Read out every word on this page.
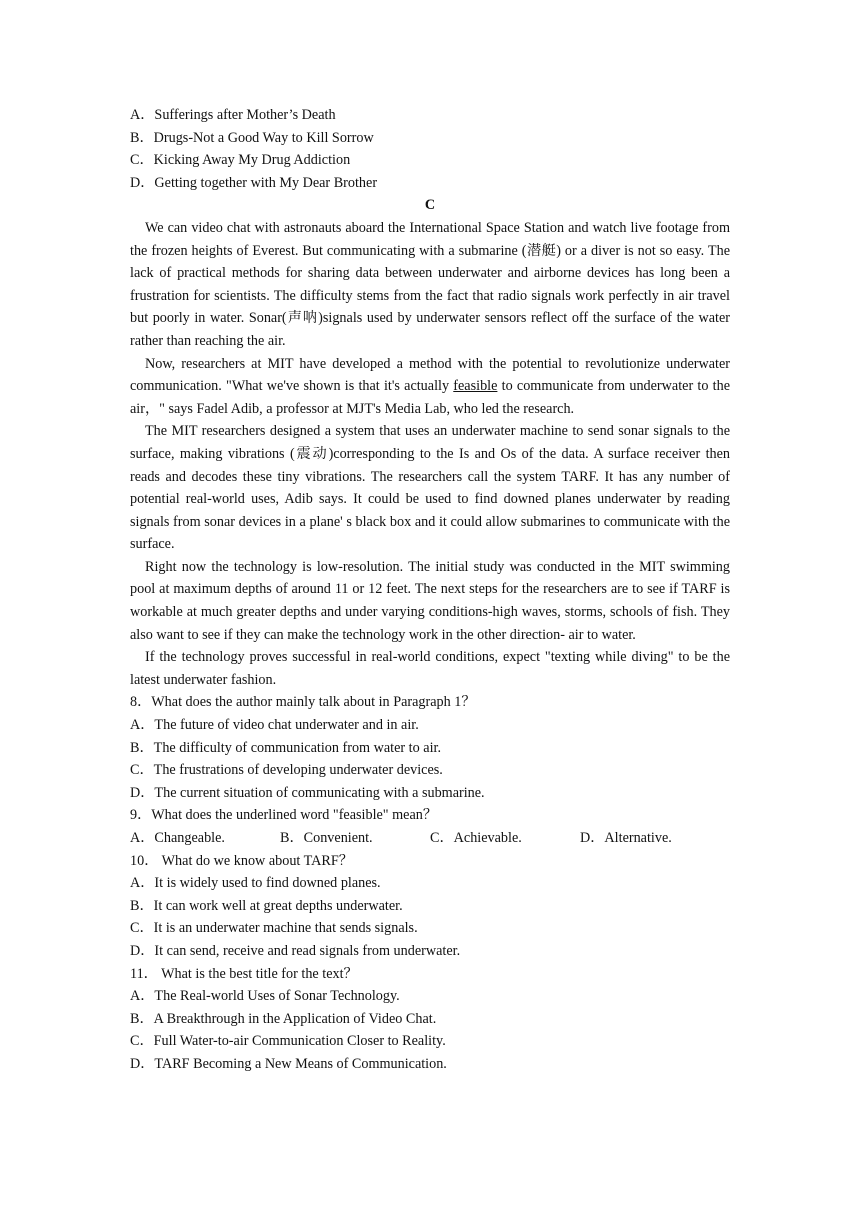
A．Sufferings after Mother’s Death

B．Drugs-Not a Good Way to Kill Sorrow

C．Kicking Away My Drug Addiction

D．Getting together with My Dear Brother

C

We can video chat with astronauts aboard the International Space Station and watch live footage from the frozen heights of Everest. But communicating with a submarine (潜艇) or a diver is not so easy. The lack of practical methods for sharing data between underwater and airborne devices has long been a frustration for scientists. The difficulty stems from the fact that radio signals work perfectly in air travel but poorly in water. Sonar(声呐)signals used by underwater sensors reflect off the surface of the water rather than reaching the air.

Now, researchers at MIT have developed a method with the potential to revolutionize underwater communication. "What we've shown is that it's actually feasible to communicate from underwater to the air，" says Fadel Adib, a professor at MJT's Media Lab, who led the research.

The MIT researchers designed a system that uses an underwater machine to send sonar signals to the surface, making vibrations (震动)corresponding to the Is and Os of the data. A surface receiver then reads and decodes these tiny vibrations. The researchers call the system TARF. It has any number of potential real-world uses, Adib says. It could be used to find downed planes underwater by reading signals from sonar devices in a plane' s black box and it could allow submarines to communicate with the surface.

Right now the technology is low-resolution. The initial study was conducted in the MIT swimming pool at maximum depths of around 11 or 12 feet. The next steps for the researchers are to see if TARF is workable at much greater depths and under varying conditions-high waves, storms, schools of fish. They also want to see if they can make the technology work in the other direction- air to water.

If the technology proves successful in real-world conditions, expect "texting while diving" to be the latest underwater fashion.

8．What does the author mainly talk about in Paragraph 1？

A．The future of video chat underwater and in air.

B．The difficulty of communication from water to air.

C．The frustrations of developing underwater devices.

D．The current situation of communicating with a submarine.

9．What does the underlined word "feasible" mean？

A．Changeable.	B．Convenient.	C．Achievable.	D．Alternative.

10． What do we know about TARF？

A．It is widely used to find downed planes.

B．It can work well at great depths underwater.

C．It is an underwater machine that sends signals.

D．It can send, receive and read signals from underwater.

11． What is the best title for the text？

A．The Real-world Uses of Sonar Technology.

B．A Breakthrough in the Application of Video Chat.

C．Full Water-to-air Communication Closer to Reality.

D．TARF Becoming a New Means of Communication.
